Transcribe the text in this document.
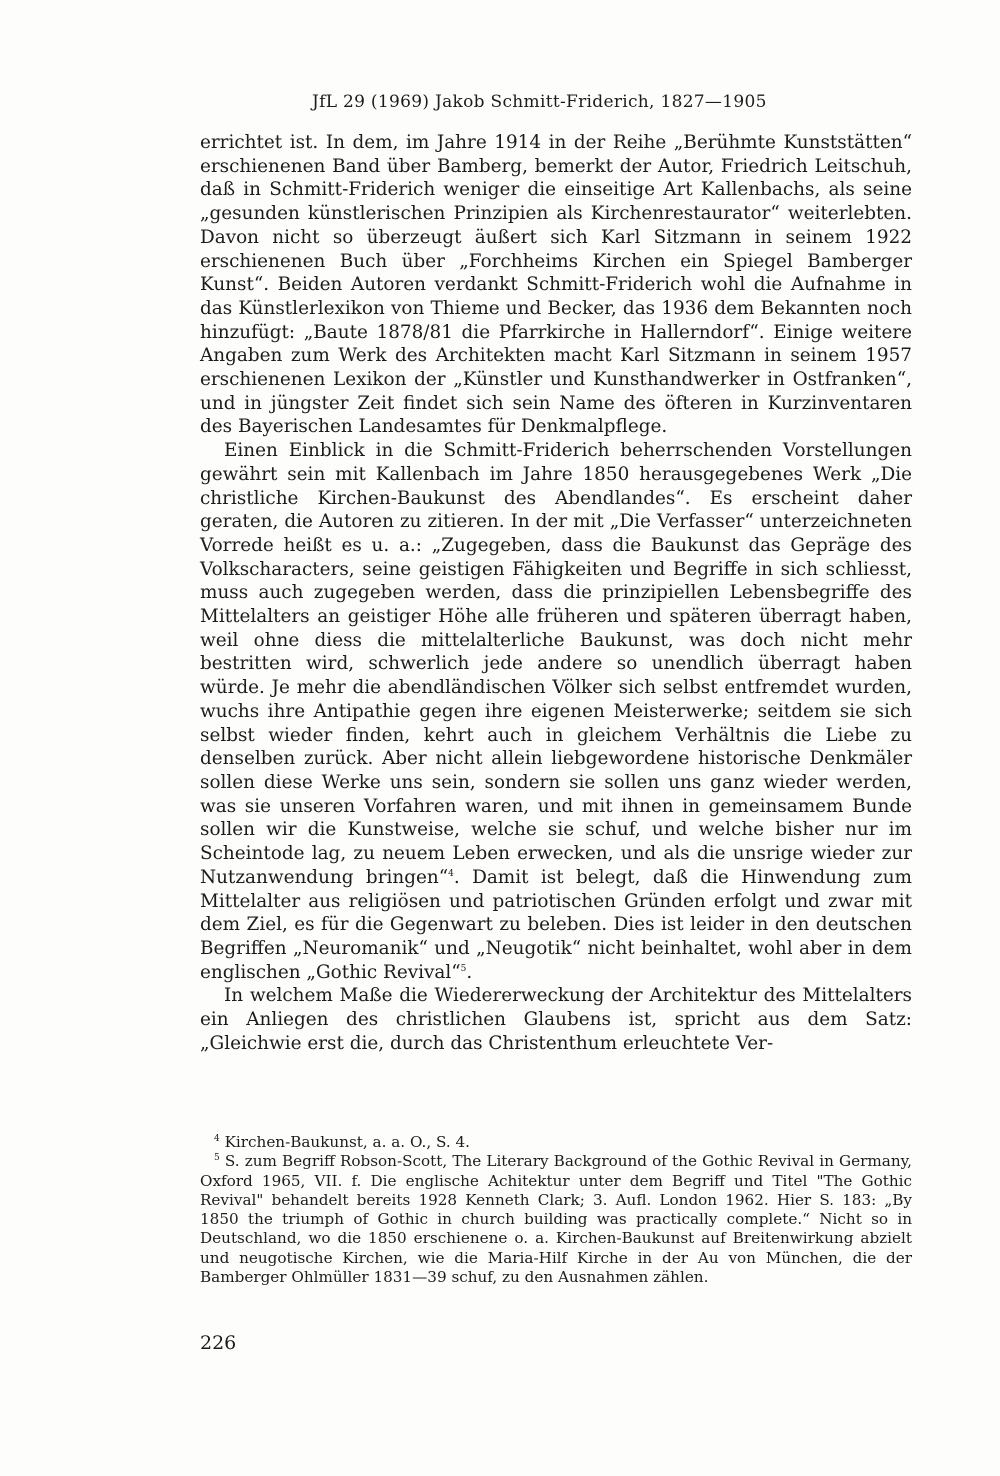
JfL 29 (1969) Jakob Schmitt-Friderich, 1827—1905

errichtet ist. In dem, im Jahre 1914 in der Reihe „Berühmte Kunststätten“ erschienenen Band über Bamberg, bemerkt der Autor, Friedrich Leitschuh, daß in Schmitt-Friderich weniger die einseitige Art Kallenbachs, als seine „gesunden künstlerischen Prinzipien als Kirchenrestaurator“ weiterlebten. Davon nicht so überzeugt äußert sich Karl Sitzmann in seinem 1922 erschienenen Buch über „Forchheims Kirchen ein Spiegel Bamberger Kunst“. Beiden Autoren verdankt Schmitt-Friderich wohl die Aufnahme in das Künstlerlexikon von Thieme und Becker, das 1936 dem Bekannten noch hinzufügt: „Baute 1878/81 die Pfarrkirche in Hallerndorf“. Einige weitere Angaben zum Werk des Architekten macht Karl Sitzmann in seinem 1957 erschienenen Lexikon der „Künstler und Kunsthandwerker in Ostfranken“, und in jüngster Zeit findet sich sein Name des öfteren in Kurzinventaren des Bayerischen Landesamtes für Denkmalpflege.

Einen Einblick in die Schmitt-Friderich beherrschenden Vorstellungen gewährt sein mit Kallenbach im Jahre 1850 herausgegebenes Werk „Die christliche Kirchen-Baukunst des Abendlandes“. Es erscheint daher geraten, die Autoren zu zitieren. In der mit „Die Verfasser“ unterzeichneten Vorrede heißt es u. a.: „Zugegeben, dass die Baukunst das Gepräge des Volkscharacters, seine geistigen Fähigkeiten und Begriffe in sich schliesst, muss auch zugegeben werden, dass die prinzipiellen Lebensbegriffe des Mittelalters an geistiger Höhe alle früheren und späteren überragt haben, weil ohne diess die mittelalterliche Baukunst, was doch nicht mehr bestritten wird, schwerlich jede andere so unendlich überragt haben würde. Je mehr die abendländischen Völker sich selbst entfremdet wurden, wuchs ihre Antipathie gegen ihre eigenen Meisterwerke; seitdem sie sich selbst wieder finden, kehrt auch in gleichem Verhältnis die Liebe zu denselben zurück. Aber nicht allein liebgewordene historische Denkmäler sollen diese Werke uns sein, sondern sie sollen uns ganz wieder werden, was sie unseren Vorfahren waren, und mit ihnen in gemeinsamem Bunde sollen wir die Kunstweise, welche sie schuf, und welche bisher nur im Scheintode lag, zu neuem Leben erwecken, und als die unsrige wieder zur Nutzanwendung bringen“$^4$. Damit ist belegt, daß die Hinwendung zum Mittelalter aus religiösen und patriotischen Gründen erfolgt und zwar mit dem Ziel, es für die Gegenwart zu beleben. Dies ist leider in den deutschen Begriffen „Neuromanik“ und „Neugotik“ nicht beinhaltet, wohl aber in dem englischen „Gothic Revival“$^5$.

In welchem Maße die Wiedererweckung der Architektur des Mittelalters ein Anliegen des christlichen Glaubens ist, spricht aus dem Satz: „Gleichwie erst die, durch das Christenthum erleuchtete Ver-

$^4$ Kirchen-Baukunst, a. a. O., S. 4.

$^5$ S. zum Begriff Robson-Scott, The Literary Background of the Gothic Revival in Germany, Oxford 1965, VII. f. Die englische Achitektur unter dem Begriff und Titel "The Gothic Revival" behandelt bereits 1928 Kenneth Clark; 3. Aufl. London 1962. Hier S. 183: „By 1850 the triumph of Gothic in church building was practically complete.“ Nicht so in Deutschland, wo die 1850 erschienene o. a. Kirchen-Baukunst auf Breitenwirkung abzielt und neugotische Kirchen, wie die Maria-Hilf Kirche in der Au von München, die der Bamberger Ohlmüller 1831—39 schuf, zu den Ausnahmen zählen.

226
